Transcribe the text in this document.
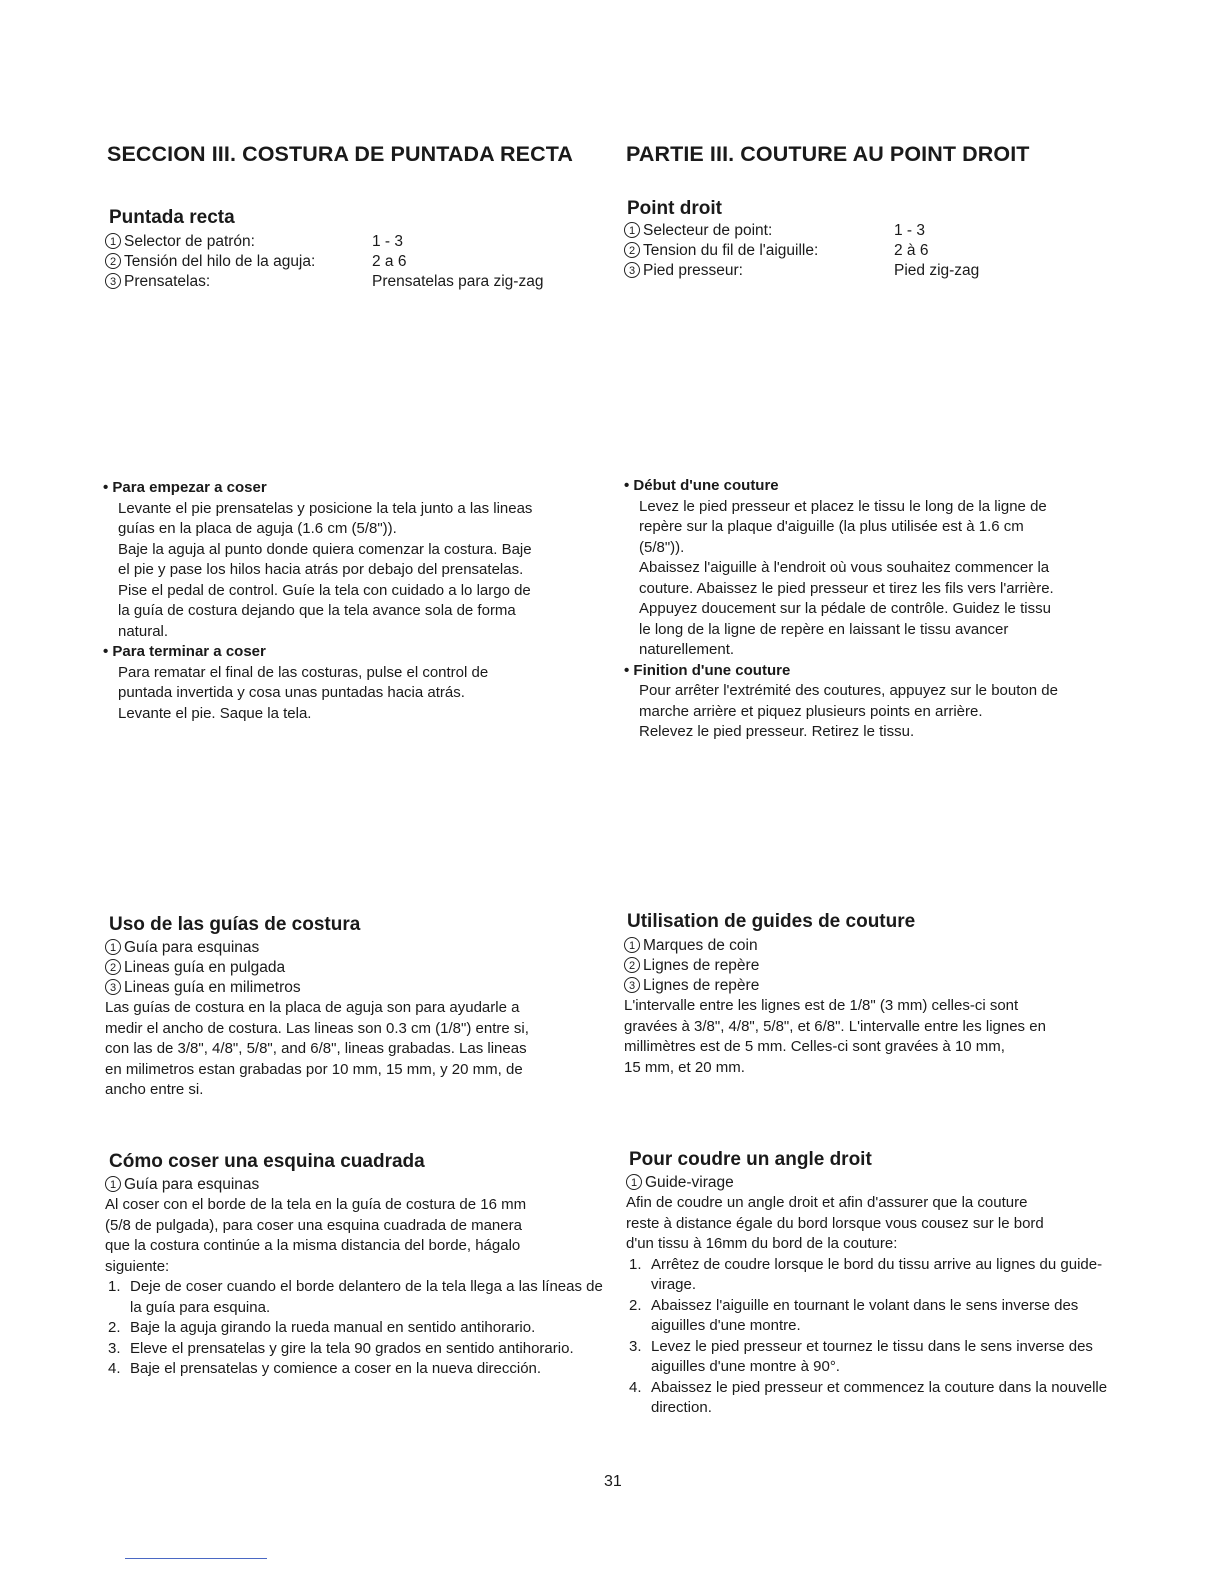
SECCION III. COSTURA DE PUNTADA RECTA
Puntada recta
1 Selector de patrón:	1 - 3
2 Tensión del hilo de la aguja:	2 a 6
3 Prensatelas:	Prensatelas para zig-zag

• Para empezar a coser

Levante el pie prensatelas y posicione la tela junto a las lineas

guías en la placa de aguja (1.6 cm (5/8")).

Baje la aguja al punto donde quiera comenzar la costura. Baje

el pie y pase los hilos hacia atrás por debajo del prensatelas.

Pise el pedal de control. Guíe la tela con cuidado a lo largo de

la guía de costura dejando que la tela avance sola de forma

natural.

• Para terminar a coser

Para rematar el final de las costuras, pulse el control de

puntada invertida y cosa unas puntadas hacia atrás.

Levante el pie. Saque la tela.

Uso de las guías de costura
1 Guía para esquinas
2 Lineas guía en pulgada
3 Lineas guía en milimetros

Las guías de costura en la placa de aguja son para ayudarle a

medir el ancho de costura. Las lineas son 0.3 cm (1/8") entre si,

con las de 3/8", 4/8", 5/8", and 6/8", lineas grabadas. Las lineas

en milimetros estan grabadas por 10 mm, 15 mm, y 20 mm, de

ancho entre si.

Cómo coser una esquina cuadrada
1 Guía para esquinas

Al coser con el borde de la tela en la guía de costura de 16 mm

(5/8 de pulgada), para coser una esquina cuadrada de manera

que la costura continúe a la misma distancia del borde, hágalo

siguiente:

1. Deje de coser cuando el borde delantero de la tela llega a las líneas de la guía para esquina.
2. Baje la aguja girando la rueda manual en sentido antihorario.
3. Eleve el prensatelas y gire la tela 90 grados en sentido antihorario.
4. Baje el prensatelas y comience a coser en la nueva dirección.
PARTIE III. COUTURE AU POINT DROIT
Point droit
1 Selecteur de point:	1 - 3
2 Tension du fil de l'aiguille:	2 à 6
3 Pied presseur:	Pied zig-zag

• Début d'une couture

Levez le pied presseur et placez le tissu le long de la ligne de

repère sur la plaque d'aiguille (la plus utilisée est à 1.6 cm

(5/8")).

Abaissez l'aiguille à l'endroit où vous souhaitez commencer la

couture. Abaissez le pied presseur et tirez les fils vers l'arrière.

Appuyez doucement sur la pédale de contrôle. Guidez le tissu

le long de la ligne de repère en laissant le tissu avancer

naturellement.

• Finition d'une couture

Pour arrêter l'extrémité des coutures, appuyez sur le bouton de

marche arrière et piquez plusieurs points en arrière.

Relevez le pied presseur. Retirez le tissu.

Utilisation de guides de couture
1 Marques de coin
2 Lignes de repère
3 Lignes de repère

L'intervalle entre les lignes est de 1/8" (3 mm) celles-ci sont

gravées à 3/8", 4/8", 5/8", et 6/8". L'intervalle entre les lignes en

millimètres est de 5 mm. Celles-ci sont gravées à 10 mm,

15 mm, et 20 mm.

Pour coudre un angle droit
1 Guide-virage

Afin de coudre un angle droit et afin d'assurer que la couture

reste à distance égale du bord lorsque vous cousez sur le bord

d'un tissu à 16mm du bord de la couture:

1. Arrêtez de coudre lorsque le bord du tissu arrive au lignes du guide-virage.
2. Abaissez l'aiguille en tournant le volant dans le sens inverse des aiguilles d'une montre.
3. Levez le pied presseur et tournez le tissu dans le sens inverse des aiguilles d'une montre à 90°.
4. Abaissez le pied presseur et commencez la couture dans la nouvelle direction.
31
